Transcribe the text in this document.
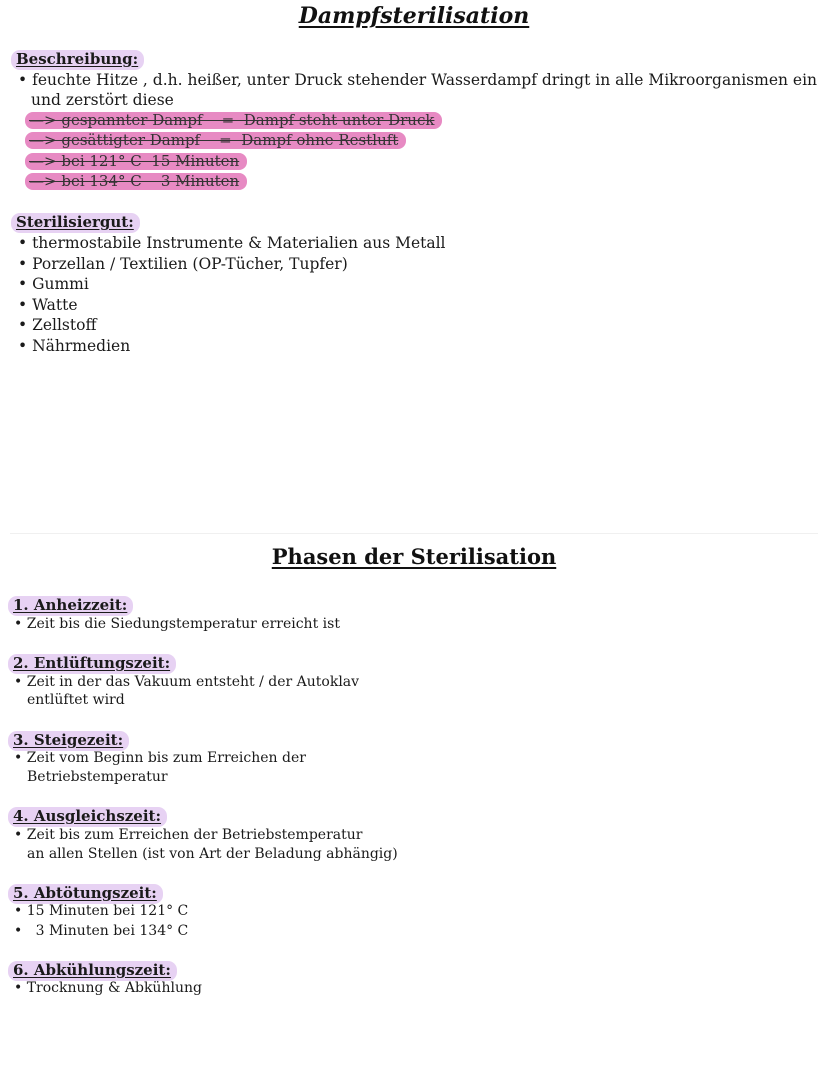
Dampfsterilisation
Beschreibung:
• feuchte Hitze , d.h. heißer, unter Druck stehender Wasserdampf dringt in alle Mikroorganismen ein
und zerstört diese
—> gespannter Dampf    =  Dampf steht unter Druck
—> gesättigter Dampf    =  Dampf ohne Restluft
—> bei 121° C  15 Minuten
—> bei 134° C    3 Minuten
Sterilisiergut:
• thermostabile Instrumente & Materialien aus Metall
• Porzellan / Textilien (OP-Tücher, Tupfer)
• Gummi
• Watte
• Zellstoff
• Nährmedien
Phasen der Sterilisation
1. Anheizzeit:
• Zeit bis die Siedungstemperatur erreicht ist
2. Entlüftungszeit:
• Zeit in der das Vakuum entsteht / der Autoklav
entlüftet wird
3. Steigezeit:
• Zeit vom Beginn bis zum Erreichen der
Betriebstemperatur
4. Ausgleichszeit:
• Zeit bis zum Erreichen der Betriebstemperatur
an allen Stellen (ist von Art der Beladung abhängig)
5. Abtötungszeit:
• 15 Minuten bei 121° C
•   3 Minuten bei 134° C
6. Abkühlungszeit:
• Trocknung & Abkühlung
